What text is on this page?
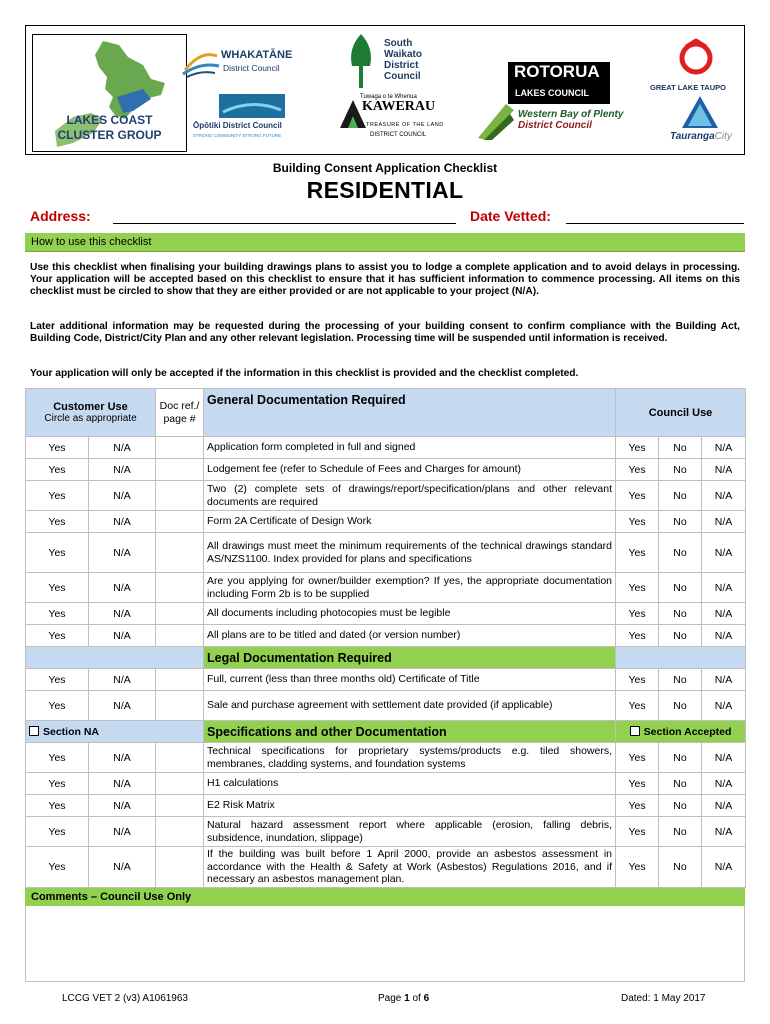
LAKES COAST
CLUSTER GROUP
WHAKATĀNE
District Council
South
Waikato
District
Council	ROTORUA
LAKES COUNCIL
GREAT LAKE TAUPO
Ōpōtiki District Council
STRONG COMMUNITY STRONG FUTURE
Tuwaga o te Whenua
KAWERAU
TREASURE OF THE LAND
DISTRICT COUNCIL
Western Bay of Plenty
District Council
TaurangaCity
Building Consent Application Checklist
RESIDENTIAL
Address:	Date Vetted:
How to use this checklist
Use this checklist when finalising your building drawings plans to assist you to lodge a complete application and to avoid delays in processing. Your application will be accepted based on this checklist to ensure that it has sufficient information to commence processing. All items on this checklist must be circled to show that they are either provided or are not applicable to your project (N/A).
Later additional information may be requested during the processing of your building consent to confirm compliance with the Building Act, Building Code, District/City Plan and any other relevant legislation. Processing time will be suspended until information is received.
Your application will only be accepted if the information in this checklist is provided and the checklist completed.
Customer Use
Circle as appropriate		Doc ref./ page #	General Documentation Required	Council Use		
Yes	N/A		Application form completed in full and signed	Yes	No	N/A
Yes	N/A		Lodgement fee (refer to Schedule of Fees and Charges for amount)	Yes	No	N/A
Yes	N/A		Two (2) complete sets of drawings/report/specification/plans and other relevant documents are required	Yes	No	N/A
Yes	N/A		Form 2A Certificate of Design Work	Yes	No	N/A
Yes	N/A		All drawings must meet the minimum requirements of the technical drawings standard AS/NZS1100. Index provided for plans and specifications	Yes	No	N/A
Yes	N/A		Are you applying for owner/builder exemption? If yes, the appropriate documentation including Form 2b is to be supplied	Yes	No	N/A
Yes	N/A		All documents including photocopies must be legible	Yes	No	N/A
Yes	N/A		All plans are to be titled and dated (or version number)	Yes	No	N/A
			Legal Documentation Required			
Yes	N/A		Full, current (less than three months old) Certificate of Title	Yes	No	N/A
Yes	N/A		Sale and purchase agreement with settlement date provided (if applicable)	Yes	No	N/A
Section NA			Specifications and other Documentation	Section Accepted		
Yes	N/A		Technical specifications for proprietary systems/products e.g. tiled showers, membranes, cladding systems, and foundation systems	Yes	No	N/A
Yes	N/A		H1 calculations	Yes	No	N/A
Yes	N/A		E2 Risk Matrix	Yes	No	N/A
Yes	N/A		Natural hazard assessment report where applicable (erosion, falling debris, subsidence, inundation, slippage)	Yes	No	N/A
Yes	N/A		If the building was built before 1 April 2000, provide an asbestos assessment in accordance with the Health & Safety at Work (Asbestos) Regulations 2016, and if necessary an asbestos management plan.	Yes	No	N/A
Comments – Council Use Only
LCCG VET 2 (v3) A1061963	Page 1 of 6	Dated: 1 May 2017
